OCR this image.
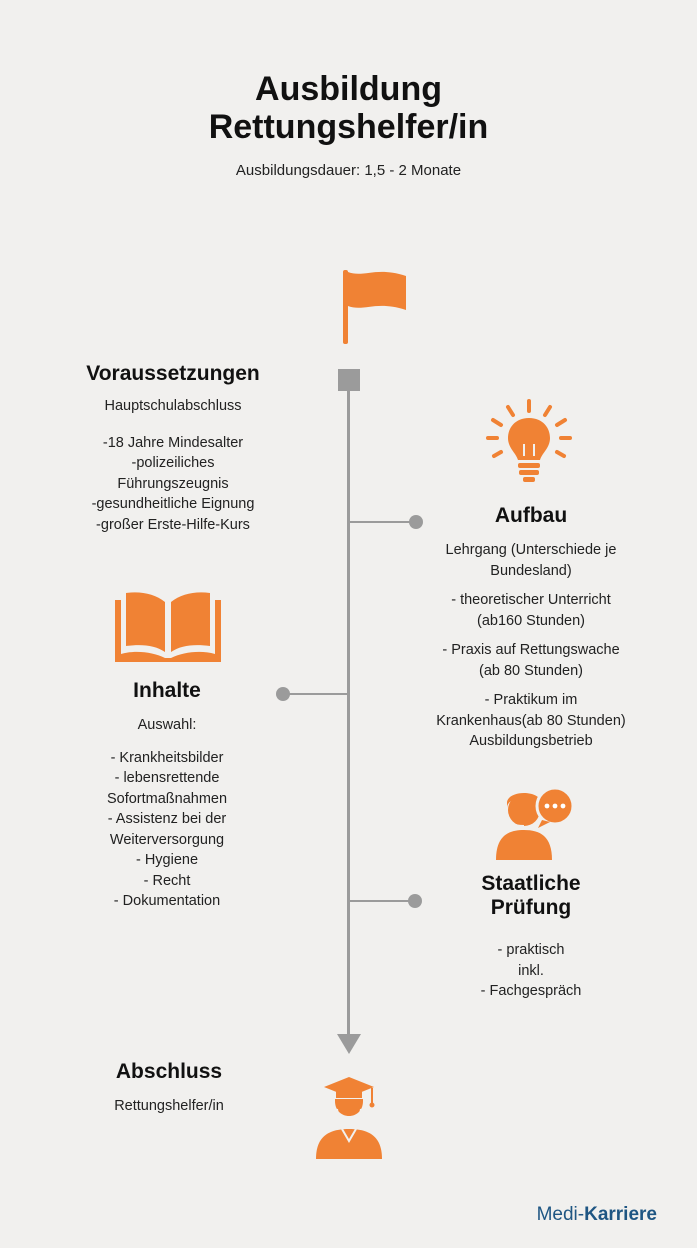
Ausbildung
Rettungshelfer/in
Ausbildungsdauer: 1,5 - 2 Monate
Voraussetzungen
Hauptschulabschluss
-18 Jahre Mindesalter
-polizeiliches
Führungszeugnis
-gesundheitliche Eignung
-großer Erste-Hilfe-Kurs	Aufbau
Lehrgang (Unterschiede je
Bundesland)
- theoretischer Unterricht
(ab160 Stunden)
- Praxis auf Rettungswache
(ab 80 Stunden)
- Praktikum im
Krankenhaus(ab 80 Stunden)
Ausbildungsbetrieb
Inhalte
Auswahl:
- Krankheitsbilder
- lebensrettende
Sofortmaßnahmen
- Assistenz bei der
Weiterversorgung
- Hygiene
- Recht
- Dokumentation
Staatliche
Prüfung
- praktisch
inkl.
- Fachgespräch
Abschluss
Rettungshelfer/in
Medi-Karriere
